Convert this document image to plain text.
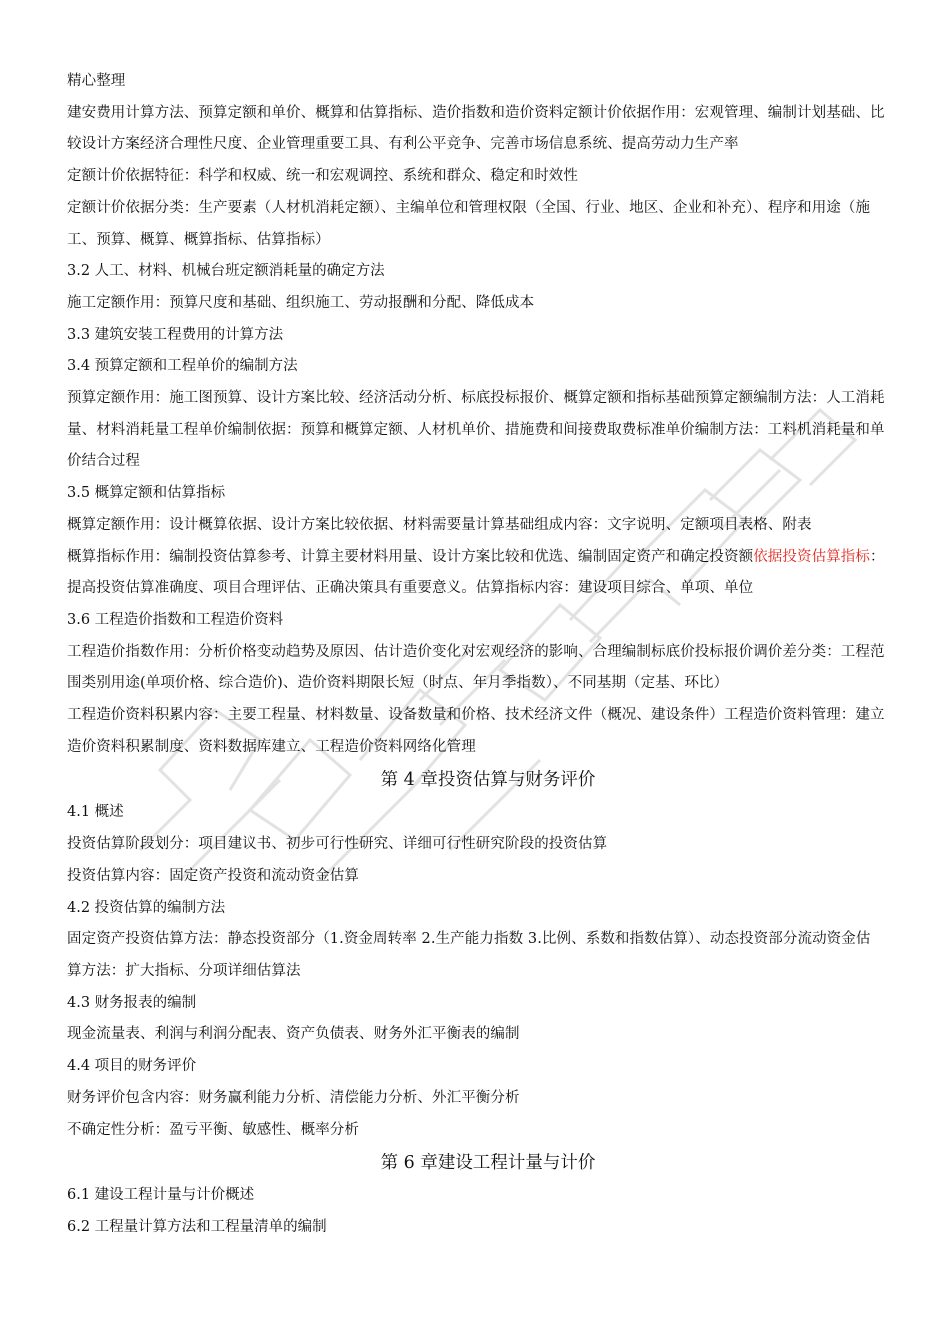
精心整理

建安费用计算方法、预算定额和单价、概算和估算指标、造价指数和造价资料定额计价依据作用：宏观管理、编制计划基础、比较设计方案经济合理性尺度、企业管理重要工具、有利公平竞争、完善市场信息系统、提高劳动力生产率

定额计价依据特征：科学和权威、统一和宏观调控、系统和群众、稳定和时效性

定额计价依据分类：生产要素（人材机消耗定额）、主编单位和管理权限（全国、行业、地区、企业和补充）、程序和用途（施工、预算、概算、概算指标、估算指标）

3.2 人工、材料、机械台班定额消耗量的确定方法

施工定额作用：预算尺度和基础、组织施工、劳动报酬和分配、降低成本

3.3 建筑安装工程费用的计算方法

3.4 预算定额和工程单价的编制方法

预算定额作用：施工图预算、设计方案比较、经济活动分析、标底投标报价、概算定额和指标基础预算定额编制方法：人工消耗量、材料消耗量工程单价编制依据：预算和概算定额、人材机单价、措施费和间接费取费标准单价编制方法：工料机消耗量和单价结合过程

3.5 概算定额和估算指标

概算定额作用：设计概算依据、设计方案比较依据、材料需要量计算基础组成内容：文字说明、定额项目表格、附表

概算指标作用：编制投资估算参考、计算主要材料用量、设计方案比较和优选、编制固定资产和确定投资额依据投资估算指标：提高投资估算准确度、项目合理评估、正确决策具有重要意义。估算指标内容：建设项目综合、单项、单位

3.6 工程造价指数和工程造价资料

工程造价指数作用：分析价格变动趋势及原因、估计造价变化对宏观经济的影响、合理编制标底价投标报价调价差分类：工程范围类别用途(单项价格、综合造价)、造价资料期限长短（时点、年月季指数）、不同基期（定基、环比）

工程造价资料积累内容：主要工程量、材料数量、设备数量和价格、技术经济文件（概况、建设条件）工程造价资料管理：建立造价资料积累制度、资料数据库建立、工程造价资料网络化管理

第 4 章投资估算与财务评价

4.1 概述

投资估算阶段划分：项目建议书、初步可行性研究、详细可行性研究阶段的投资估算

投资估算内容：固定资产投资和流动资金估算

4.2 投资估算的编制方法

固定资产投资估算方法：静态投资部分（1.资金周转率 2.生产能力指数 3.比例、系数和指数估算）、动态投资部分流动资金估算方法：扩大指标、分项详细估算法

4.3 财务报表的编制

现金流量表、利润与利润分配表、资产负债表、财务外汇平衡表的编制

4.4 项目的财务评价

财务评价包含内容：财务赢利能力分析、清偿能力分析、外汇平衡分析

不确定性分析：盈亏平衡、敏感性、概率分析

第 6 章建设工程计量与计价

6.1 建设工程计量与计价概述

6.2 工程量计算方法和工程量清单的编制
